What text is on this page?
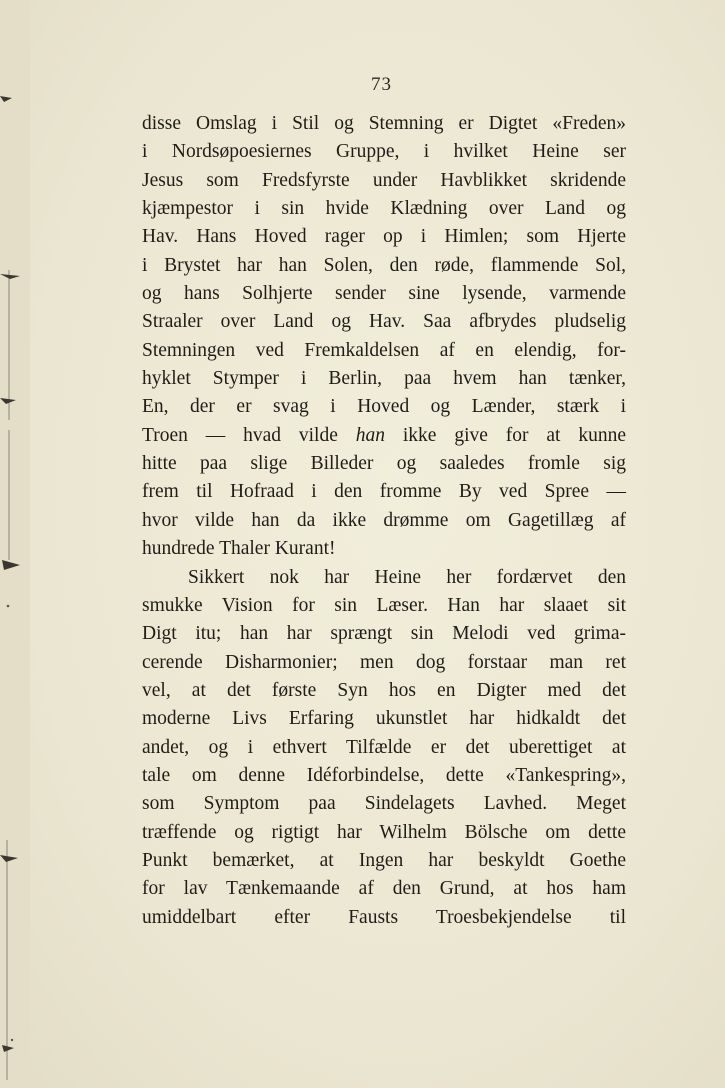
73
disse Omslag i Stil og Stemning er Digtet «Freden»
i Nordsøpoesiernes Gruppe, i hvilket Heine ser
Jesus som Fredsfyrste under Havblikket skridende
kjæmpestor i sin hvide Klædning over Land og
Hav. Hans Hoved rager op i Himlen; som Hjerte
i Brystet har han Solen, den røde, flammende Sol,
og hans Solhjerte sender sine lysende, varmende
Straaler over Land og Hav. Saa afbrydes pludselig
Stemningen ved Fremkaldelsen af en elendig, for-
hyklet Stymper i Berlin, paa hvem han tænker,
En, der er svag i Hoved og Lænder, stærk i
Troen — hvad vilde han ikke give for at kunne
hitte paa slige Billeder og saaledes fromle sig
frem til Hofraad i den fromme By ved Spree —
hvor vilde han da ikke drømme om Gagetillæg af
hundrede Thaler Kurant!
Sikkert nok har Heine her fordærvet den
smukke Vision for sin Læser. Han har slaaet sit
Digt itu; han har sprængt sin Melodi ved grima-
cerende Disharmonier; men dog forstaar man ret
vel, at det første Syn hos en Digter med det
moderne Livs Erfaring ukunstlet har hidkaldt det
andet, og i ethvert Tilfælde er det uberettiget at
tale om denne Idéforbindelse, dette «Tankespring»,
som Symptom paa Sindelagets Lavhed. Meget
træffende og rigtigt har Wilhelm Bölsche om dette
Punkt bemærket, at Ingen har beskyldt Goethe
for lav Tænkemaande af den Grund, at hos ham
umiddelbart efter Fausts Troesbekjendelse til
